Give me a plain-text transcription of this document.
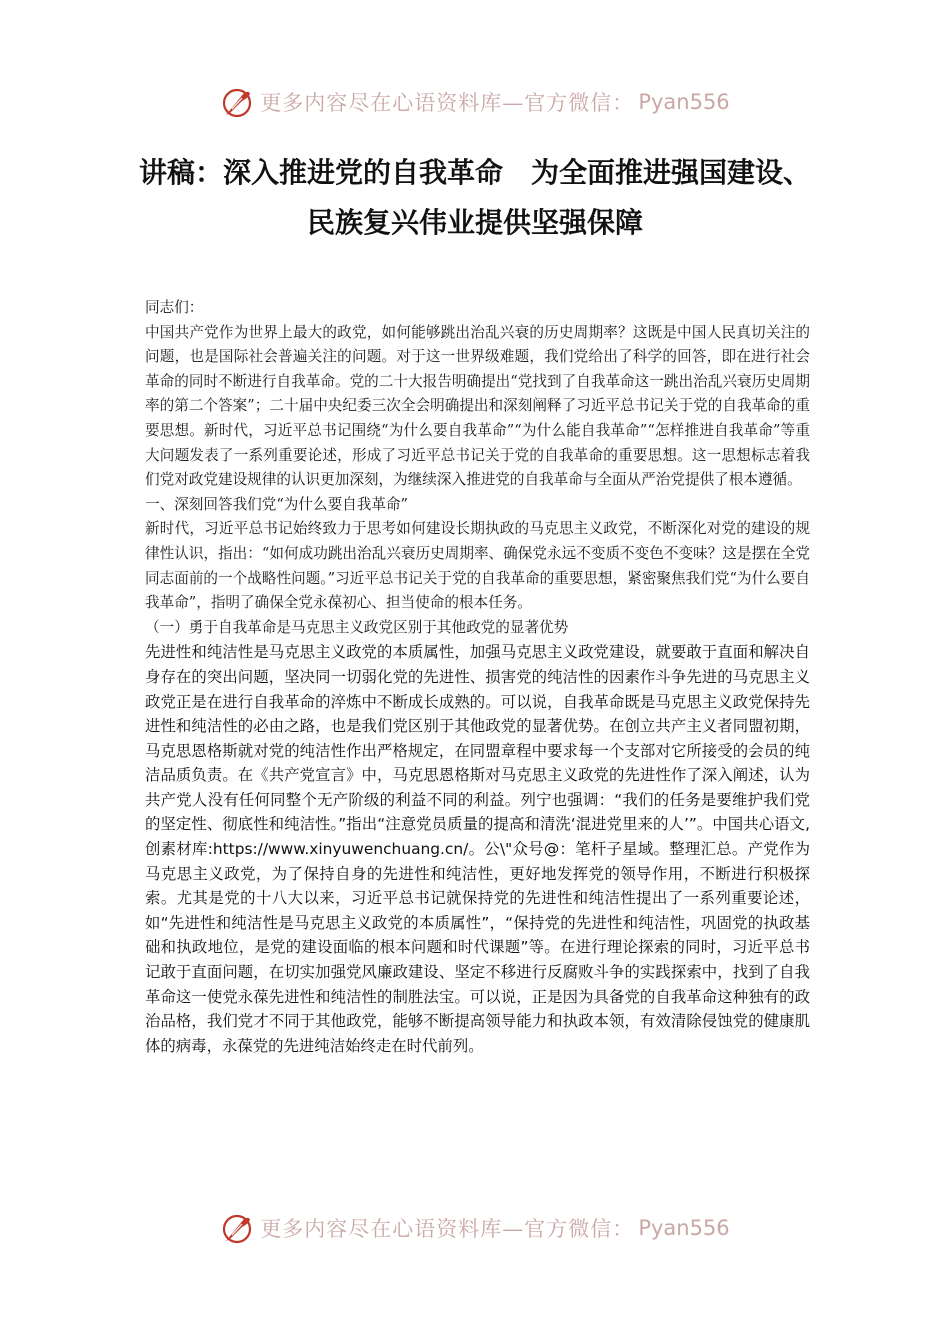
更多内容尽在心语资料库—官方微信： Pyan556
讲稿：深入推进党的自我革命　为全面推进强国建设、
民族复兴伟业提供坚强保障

同志们：

中国共产党作为世界上最大的政党，如何能够跳出治乱兴衰的历史周期率？这既是中国人民真切关注的问题，也是国际社会普遍关注的问题。对于这一世界级难题，我们党给出了科学的回答，即在进行社会革命的同时不断进行自我革命。党的二十大报告明确提出“党找到了自我革命这一跳出治乱兴衰历史周期率的第二个答案”；二十届中央纪委三次全会明确提出和深刻阐释了习近平总书记关于党的自我革命的重要思想。新时代，习近平总书记围绕“为什么要自我革命”“为什么能自我革命”“怎样推进自我革命”等重大问题发表了一系列重要论述，形成了习近平总书记关于党的自我革命的重要思想。这一思想标志着我们党对政党建设规律的认识更加深刻，为继续深入推进党的自我革命与全面从严治党提供了根本遵循。

一、深刻回答我们党“为什么要自我革命”

新时代，习近平总书记始终致力于思考如何建设长期执政的马克思主义政党，不断深化对党的建设的规律性认识，指出：“如何成功跳出治乱兴衰历史周期率、确保党永远不变质不变色不变味？这是摆在全党同志面前的一个战略性问题。”习近平总书记关于党的自我革命的重要思想，紧密聚焦我们党“为什么要自我革命”，指明了确保全党永葆初心、担当使命的根本任务。

（一）勇于自我革命是马克思主义政党区别于其他政党的显著优势

先进性和纯洁性是马克思主义政党的本质属性，加强马克思主义政党建设，就要敢于直面和解决自身存在的突出问题，坚决同一切弱化党的先进性、损害党的纯洁性的因素作斗争先进的马克思主义政党正是在进行自我革命的淬炼中不断成长成熟的。可以说，自我革命既是马克思主义政党保持先进性和纯洁性的必由之路，也是我们党区别于其他政党的显著优势。在创立共产主义者同盟初期，马克思恩格斯就对党的纯洁性作出严格规定，在同盟章程中要求每一个支部对它所接受的会员的纯洁品质负责。在《共产党宣言》中，马克思恩格斯对马克思主义政党的先进性作了深入阐述，认为共产党人没有任何同整个无产阶级的利益不同的利益。列宁也强调：“我们的任务是要维护我们党的坚定性、彻底性和纯洁性。”指出“注意党员质量的提高和清洗‘混进党里来的人’”。中国共心语文,创素材库:https://www.xinyuwenchuang.cn/。公\"众号@：笔杆子星域。整理汇总。产党作为马克思主义政党，为了保持自身的先进性和纯洁性，更好地发挥党的领导作用，不断进行积极探索。尤其是党的十八大以来，习近平总书记就保持党的先进性和纯洁性提出了一系列重要论述，如“先进性和纯洁性是马克思主义政党的本质属性”，“保持党的先进性和纯洁性，巩固党的执政基础和执政地位，是党的建设面临的根本问题和时代课题”等。在进行理论探索的同时，习近平总书记敢于直面问题，在切实加强党风廉政建设、坚定不移进行反腐败斗争的实践探索中，找到了自我革命这一使党永葆先进性和纯洁性的制胜法宝。可以说，正是因为具备党的自我革命这种独有的政治品格，我们党才不同于其他政党，能够不断提高领导能力和执政本领，有效清除侵蚀党的健康肌体的病毒，永葆党的先进纯洁始终走在时代前列。

更多内容尽在心语资料库—官方微信： Pyan556
